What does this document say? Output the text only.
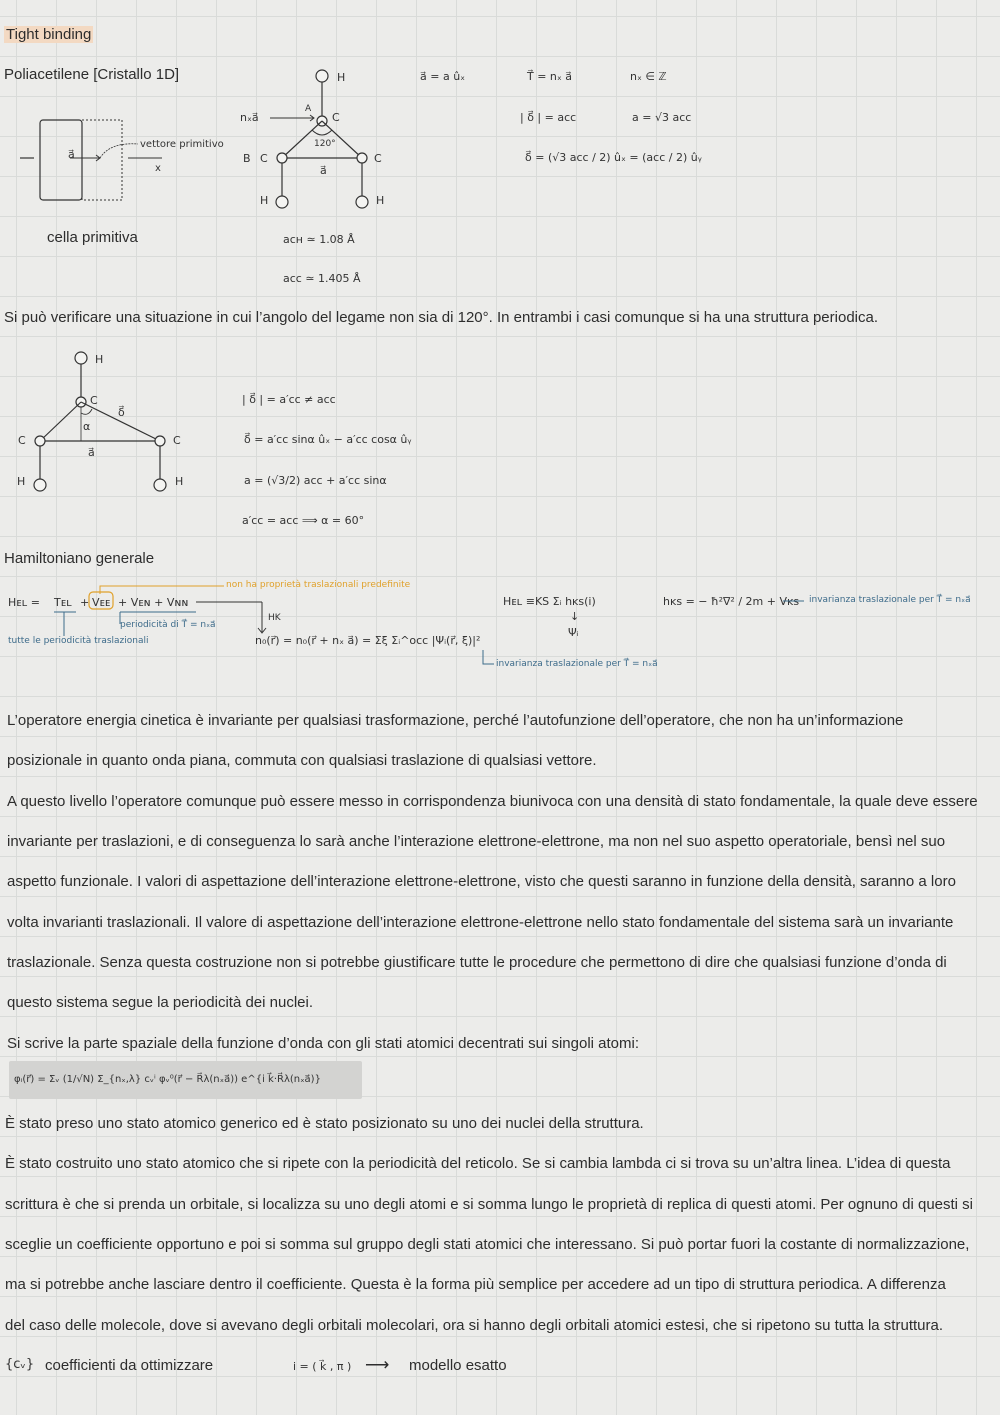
Tight binding
Poliacetilene [Cristallo 1D]
a⃗
vettore primitivo
x
cella primitiva
H
A
C
nₓa⃗
120°
B C	C
a⃗
H	H
aᴄʜ ≃ 1.08 Å
aᴄᴄ ≃ 1.405 Å
a⃗ = a ûₓ	T⃗ = nₓ a⃗	nₓ ∈ ℤ
| δ⃗ | = aᴄᴄ	a = √3 aᴄᴄ
δ⃗ = (√3 aᴄᴄ / 2) ûₓ = (aᴄᴄ / 2) ûᵧ
Si può verificare una situazione in cui l’angolo del legame non sia di 120°. In entrambi i casi comunque si ha una struttura periodica.
H
C
δ⃗
α
C	C
a⃗
H	H
| δ⃗ | = a′ᴄᴄ ≠ aᴄᴄ
δ⃗ = a′ᴄᴄ sinα ûₓ − a′ᴄᴄ cosα ûᵧ
a = (√3/2) aᴄᴄ + a′ᴄᴄ sinα
a′ᴄᴄ = aᴄᴄ ⟹ α = 60°
Hamiltoniano generale
Hᴇʟ = Tᴇʟ + Vᴇᴇ + Vᴇɴ + Vɴɴ
non ha proprietà traslazionali predefinite
tutte le periodicità traslazionali
periodicità di T⃗ = nₓa⃗
HK
n₀(r⃗) = n₀(r⃗ + nₓ a⃗) = Σξ Σᵢ^occ |Ψᵢ(r⃗, ξ)|²
invarianza traslazionale per T⃗ = nₓa⃗
Hᴇʟ ≡KS Σᵢ hᴋs(i)
↓
Ψᵢ
hᴋs = − ħ²∇² / 2m + Vᴋs invarianza traslazionale per T⃗ = nₓa⃗
L’operatore energia cinetica è invariante per qualsiasi trasformazione, perché l’autofunzione dell’operatore, che non ha un’informazione
posizionale in quanto onda piana, commuta con qualsiasi traslazione di qualsiasi vettore.
A questo livello l’operatore comunque può essere messo in corrispondenza biunivoca con una densità di stato fondamentale, la quale deve essere
invariante per traslazioni, e di conseguenza lo sarà anche l’interazione elettrone-elettrone, ma non nel suo aspetto operatoriale, bensì nel suo
aspetto funzionale. I valori di aspettazione dell’interazione elettrone-elettrone, visto che questi saranno in funzione della densità, saranno a loro
volta invarianti traslazionali. Il valore di aspettazione dell’interazione elettrone-elettrone nello stato fondamentale del sistema sarà un invariante
traslazionale. Senza questa costruzione non si potrebbe giustificare tutte le procedure che permettono di dire che qualsiasi funzione d’onda di
questo sistema segue la periodicità dei nuclei.
Si scrive la parte spaziale della funzione d’onda con gli stati atomici decentrati sui singoli atomi:
φᵢ(r⃗) = Σᵥ (1/√N) Σ_{nₓ,λ} cᵥⁱ φᵥ⁰(r⃗ − R⃗λ(nₓa⃗)) e^{i k⃗·R⃗λ(nₓa⃗)}
È stato preso uno stato atomico generico ed è stato posizionato su uno dei nuclei della struttura.
È stato costruito uno stato atomico che si ripete con la periodicità del reticolo. Se si cambia lambda ci si trova su un’altra linea. L’idea di questa
scrittura è che si prenda un orbitale, si localizza su uno degli atomi e si somma lungo le proprietà di replica di questi atomi. Per ognuno di questi si
sceglie un coefficiente opportuno e poi si somma sul gruppo degli stati atomici che interessano. Si può portar fuori la costante di normalizzazione,
ma si potrebbe anche lasciare dentro il coefficiente. Questa è la forma più semplice per accedere ad un tipo di struttura periodica. A differenza
del caso delle molecole, dove si avevano degli orbitali molecolari, ora si hanno degli orbitali atomici estesi, che si ripetono su tutta la struttura.
{cᵥ} coefficienti da ottimizzare	i = ( k⃗ , π ) ⟶ modello esatto
